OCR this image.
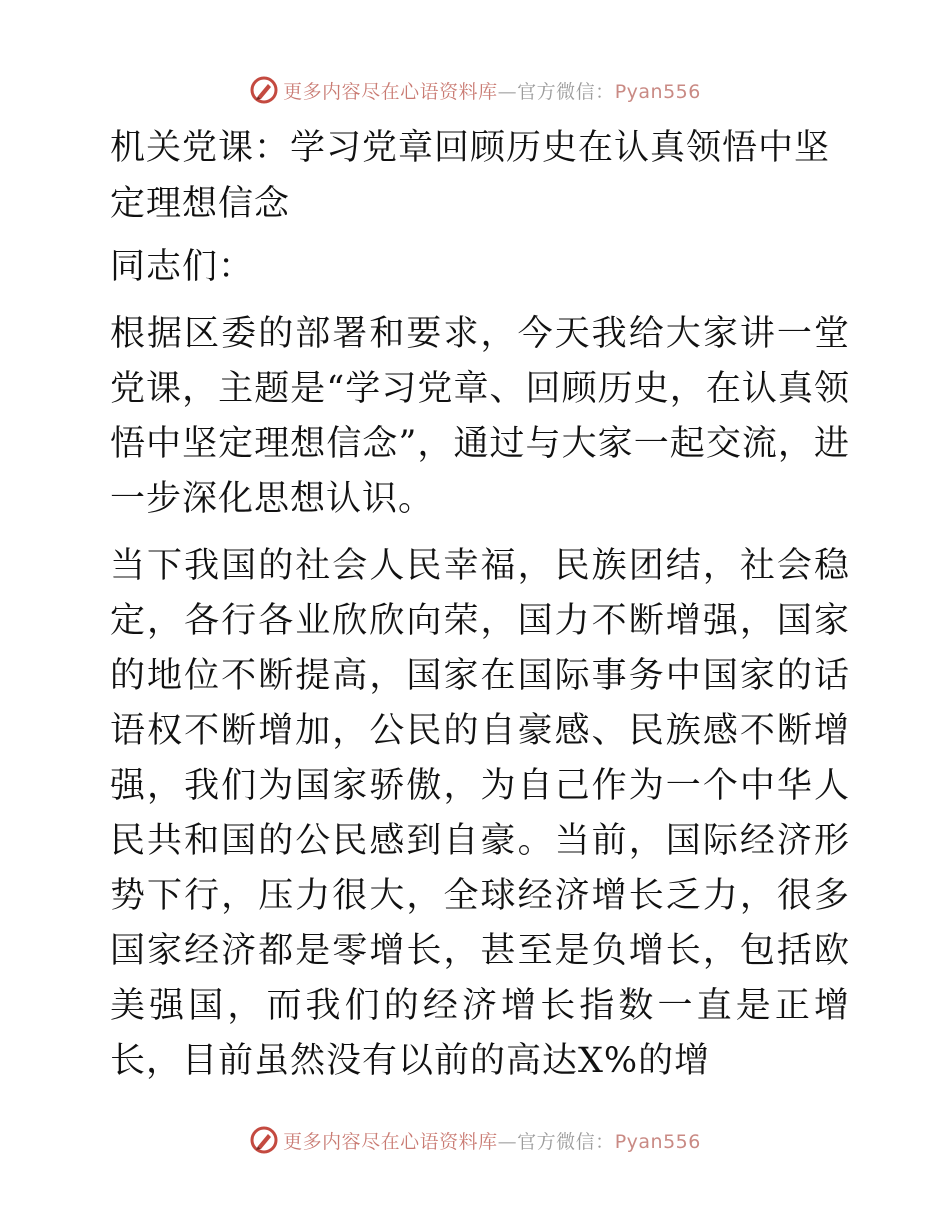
更多内容尽在心语资料库—官方微信：Pyan556
机关党课：学习党章回顾历史在认真领悟中坚定理想信念

同志们：

根据区委的部署和要求，今天我给大家讲一堂党课，主题是“学习党章、回顾历史，在认真领悟中坚定理想信念”，通过与大家一起交流，进一步深化思想认识。

当下我国的社会人民幸福，民族团结，社会稳定，各行各业欣欣向荣，国力不断增强，国家的地位不断提高，国家在国际事务中国家的话语权不断增加，公民的自豪感、民族感不断增强，我们为国家骄傲，为自己作为一个中华人民共和国的公民感到自豪。当前，国际经济形势下行，压力很大，全球经济增长乏力，很多国家经济都是零增长，甚至是负增长，包括欧美强国，而我们的经济增长指数一直是正增长，目前虽然没有以前的高达X%的增

更多内容尽在心语资料库—官方微信：Pyan556
